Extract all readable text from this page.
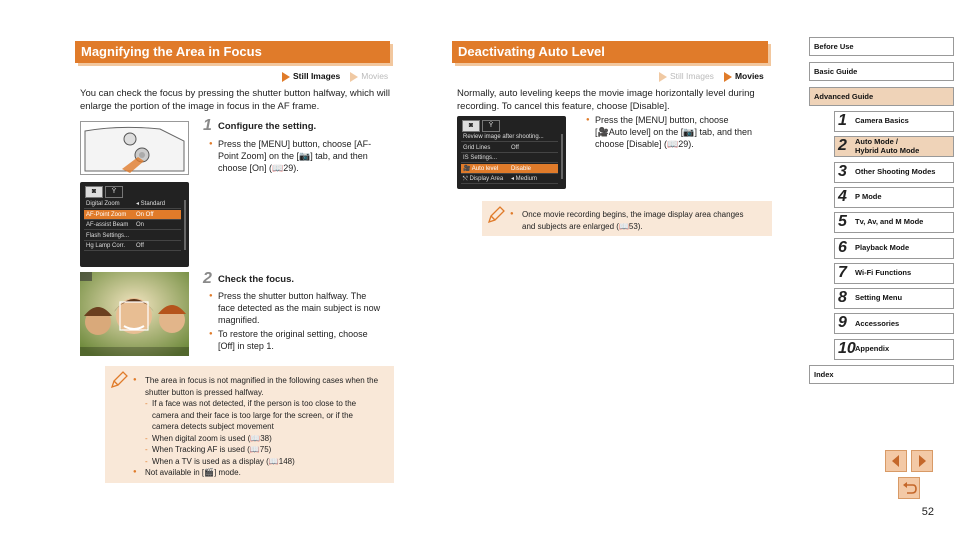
Magnifying the Area in Focus
Still Images	Movies
You can check the focus by pressing the shutter button halfway, which will
enlarge the portion of the image in focus in the AF frame.
1 Configure the setting.
● Press the [MENU] button, choose [AF-
Point Zoom] on the [📷] tab, and then
choose [On] (📖29).
◙	Ϋ
Digital Zoom	◂ Standard
AF-Point Zoom	On Off
AF-assist Beam	On
Flash Settings...
Hg Lamp Corr.	Off
2 Check the focus.
● Press the shutter button halfway. The
face detected as the main subject is now
magnified.
● To restore the original setting, choose
[Off] in step 1.
● The area in focus is not magnified in the following cases when the
shutter button is pressed halfway.
- If a face was not detected, if the person is too close to the
camera and their face is too large for the screen, or if the
camera detects subject movement
- When digital zoom is used (📖38)
- When Tracking AF is used (📖75)
- When a TV is used as a display (📖148)
● Not available in [🎬] mode.
Deactivating Auto Level
Still Images	Movies
Normally, auto leveling keeps the movie image horizontally level during
recording. To cancel this feature, choose [Disable].
◙	Ϋ
Review image after shooting...
Grid Lines	Off
IS Settings...
🎥 Auto level	Disable
⤲ Display Area	◂ Medium
● Press the [MENU] button, choose
[🎥Auto level] on the [📷] tab, and then
choose [Disable] (📖29).
● Once movie recording begins, the image display area changes
and subjects are enlarged (📖53).
Before Use
Basic Guide
Advanced Guide
1 Camera Basics
2 Auto Mode /
Hybrid Auto Mode
3 Other Shooting Modes
4 P Mode
5 Tv, Av, and M Mode
6 Playback Mode
7 Wi-Fi Functions
8 Setting Menu
9 Accessories
10 Appendix
Index
52
